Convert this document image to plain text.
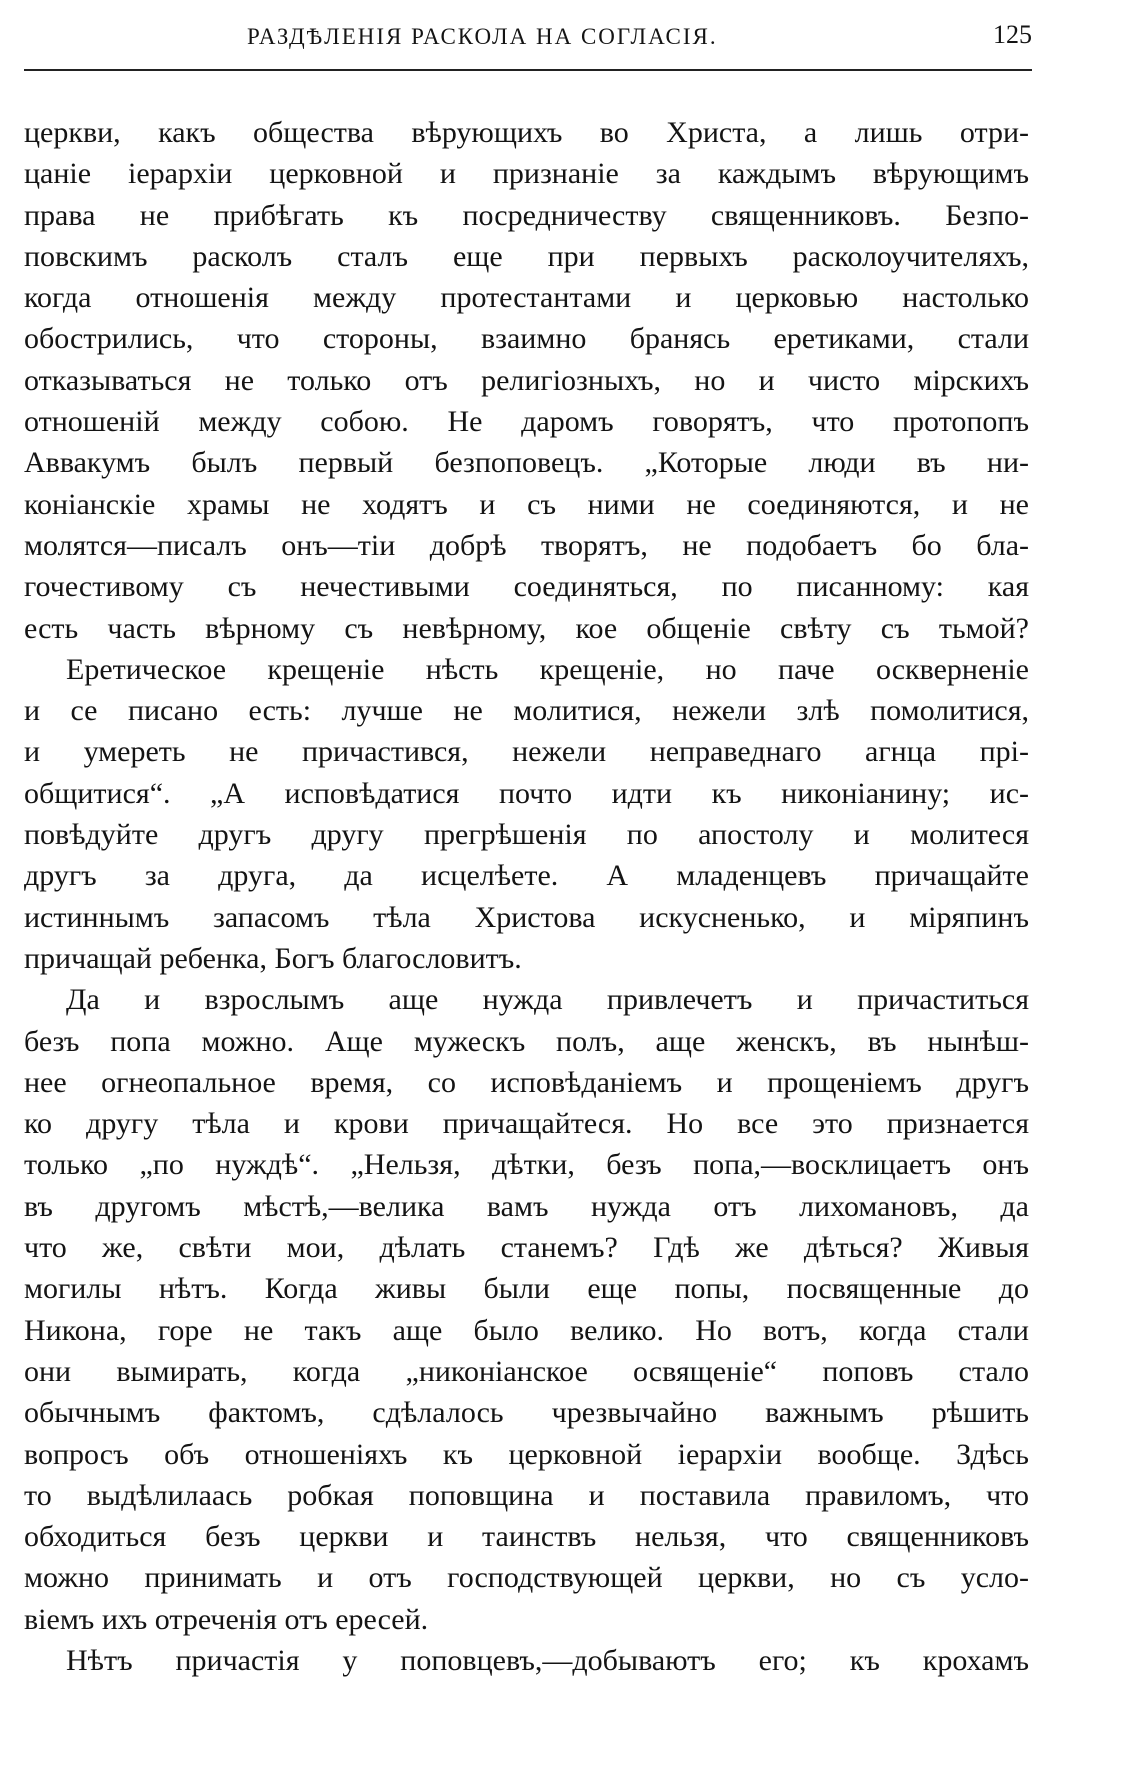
РАЗДѢЛЕНІЯ РАСКОЛА НА СОГЛАСІЯ.	125
церкви, какъ общества вѣрующихъ во Христа, а лишь отри-
цаніе іерархіи церковной и признаніе за каждымъ вѣрующимъ
права не прибѣгать къ посредничеству священниковъ. Безпо-
повскимъ расколъ сталъ еще при первыхъ расколоучителяхъ,
когда отношенія между протестантами и церковью настолько
обострились, что стороны, взаимно бранясь еретиками, стали
отказываться не только отъ религіозныхъ, но и чисто мірскихъ
отношеній между собою. Не даромъ говорятъ, что протопопъ
Аввакумъ былъ первый безпоповецъ. „Которые люди въ ни-
коніанскіе храмы не ходятъ и съ ними не соединяются, и не
молятся—писалъ онъ—тіи добрѣ творятъ, не подобаетъ бо бла-
гочестивому съ нечестивыми соединяться, по писанному: кая
есть часть вѣрному съ невѣрному, кое общеніе свѣту съ тьмой?
Еретическое крещеніе нѣсть крещеніе, но паче оскверненіе
и се писано есть: лучше не молитися, нежели злѣ помолитися,
и умереть не причастився, нежели неправеднаго агнца прі-
общитися“. „А исповѣдатися почто идти къ никоніанину; ис-
повѣдуйте другъ другу прегрѣшенія по апостолу и молитеся
другъ за друга, да исцелѣете. А младенцевъ причащайте
истиннымъ запасомъ тѣла Христова искусненько, и міряпинъ
причащай ребенка, Богъ благословитъ.
Да и взрослымъ аще нужда привлечетъ и причаститься
безъ попа можно. Аще мужескъ полъ, аще женскъ, въ нынѣш-
нее огнеопальное время, со исповѣданіемъ и прощеніемъ другъ
ко другу тѣла и крови причащайтеся. Но все это признается
только „по нуждѣ“. „Нельзя, дѣтки, безъ попа,—восклицаетъ онъ
въ другомъ мѣстѣ,—велика вамъ нужда отъ лихомановъ, да
что же, свѣти мои, дѣлать станемъ? Гдѣ же дѣться? Живыя
могилы нѣтъ. Когда живы были еще попы, посвященные до
Никона, горе не такъ аще было велико. Но вотъ, когда стали
они вымирать, когда „никоніанское освященіе“ поповъ стало
обычнымъ фактомъ, сдѣлалось чрезвычайно важнымъ рѣшить
вопросъ объ отношеніяхъ къ церковной іерархіи вообще. Здѣсь
то выдѣлилаась робкая поповщина и поставила правиломъ, что
обходиться безъ церкви и таинствъ нельзя, что священниковъ
можно принимать и отъ господствующей церкви, но съ усло-
віемъ ихъ отреченія отъ ересей.
Нѣтъ причастія у поповцевъ,—добываютъ его; къ крохамъ
